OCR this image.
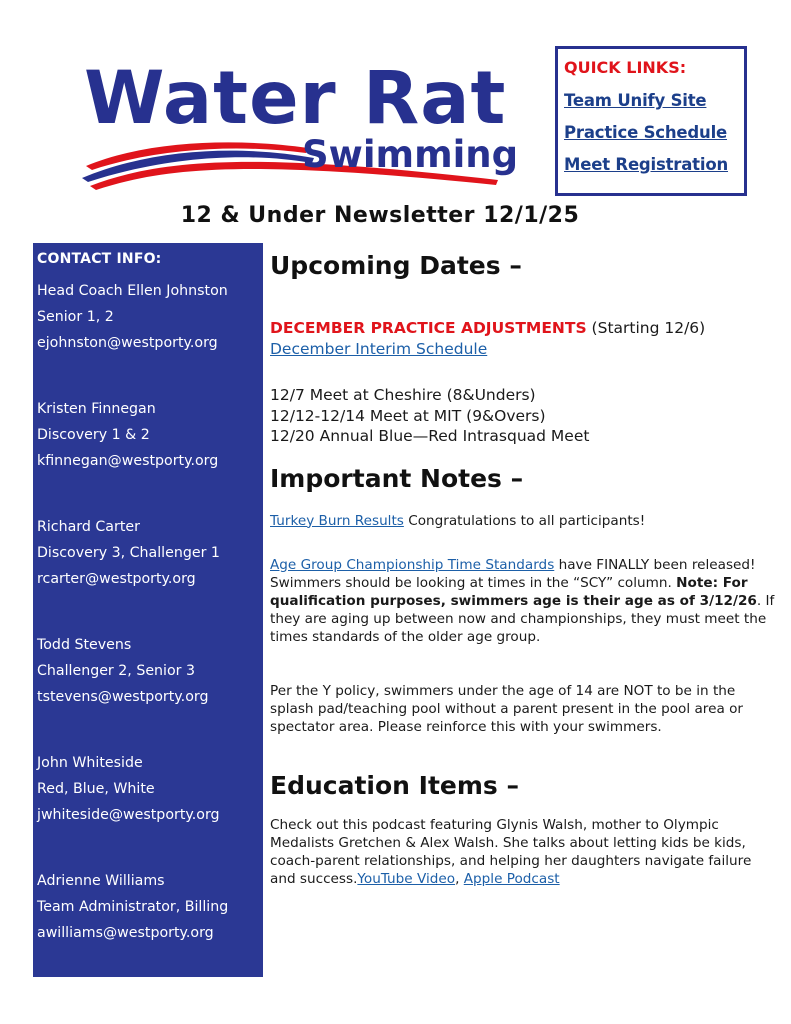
Water Rat
Swimming
QUICK LINKS:
Team Unify Site
Practice Schedule
Meet Registration
12 & Under Newsletter 12/1/25
CONTACT INFO:
Head Coach Ellen Johnston
Senior 1, 2
ejohnston@westporty.org
Kristen Finnegan
Discovery 1 & 2
kfinnegan@westporty.org
Richard Carter
Discovery 3, Challenger 1
rcarter@westporty.org
Todd Stevens
Challenger 2, Senior 3
tstevens@westporty.org
John Whiteside
Red, Blue, White
jwhiteside@westporty.org
Adrienne Williams
Team Administrator, Billing
awilliams@westporty.org
Upcoming Dates –
DECEMBER PRACTICE ADJUSTMENTS (Starting 12/6)
December Interim Schedule
12/7 Meet at Cheshire (8&Unders)
12/12-12/14 Meet at MIT (9&Overs)
12/20 Annual Blue—Red Intrasquad Meet
Important Notes –
Turkey Burn Results Congratulations to all participants!
Age Group Championship Time Standards have FINALLY been released! Swimmers should be looking at times in the “SCY” column. Note: For qualification purposes, swimmers age is their age as of 3/12/26. If they are aging up between now and championships, they must meet the times standards of the older age group.
Per the Y policy, swimmers under the age of 14 are NOT to be in the splash pad/teaching pool without a parent present in the pool area or spectator area. Please reinforce this with your swimmers.
Education Items –
Check out this podcast featuring Glynis Walsh, mother to Olympic Medalists Gretchen & Alex Walsh. She talks about letting kids be kids, coach-parent relationships, and helping her daughters navigate failure and success.YouTube Video, Apple Podcast
